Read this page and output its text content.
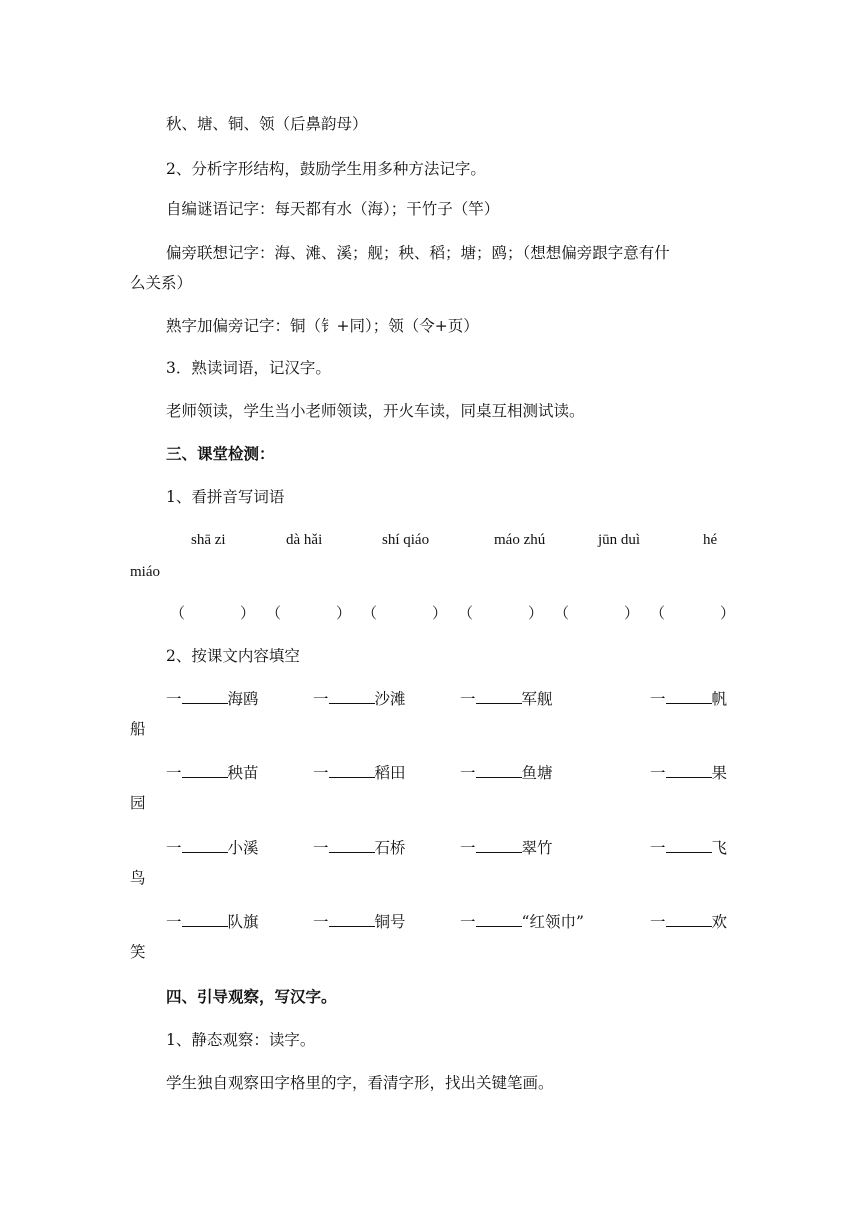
秋、塘、铜、领（后鼻韵母）
2、分析字形结构，鼓励学生用多种方法记字。
自编谜语记字：每天都有水（海）；干竹子（竿）
偏旁联想记字：海、滩、溪；舰；秧、稻；塘；鸥；（想想偏旁跟字意有什
么关系）
熟字加偏旁记字：铜（钅+同）；领（令+页）
3．熟读词语，记汉字。
老师领读，学生当小老师领读，开火车读，同桌互相测试读。
三、课堂检测：
1、看拼音写词语
shā zi	dà hǎi	shí qiáo	máo zhú	jūn duì	hé
miáo
（	） （	） （	） （	） （	） （	）
2、按课文内容填空
一	海鸥	一	沙滩	一	军舰	一	帆
船
一	秧苗	一	稻田	一	鱼塘	一	果
园
一	小溪	一	石桥	一	翠竹	一	飞
鸟
一	队旗	一	铜号	一	“红领巾”	一	欢
笑
四、引导观察，写汉字。
1、静态观察：读字。
学生独自观察田字格里的字，看清字形，找出关键笔画。
